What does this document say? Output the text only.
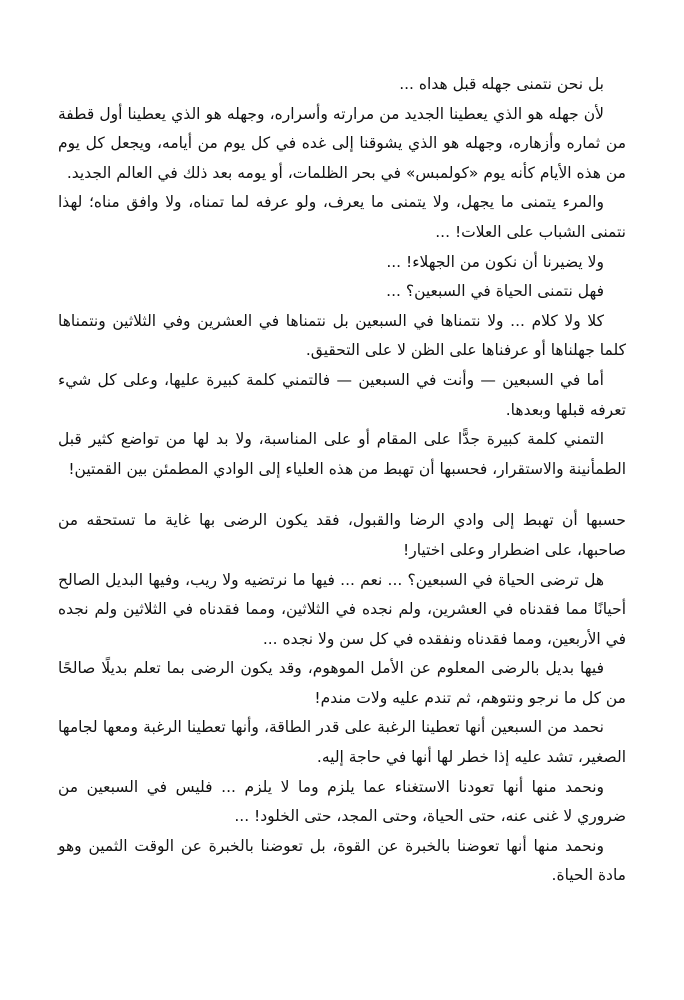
بل نحن نتمنى جهله قبل هداه ...

لأن جهله هو الذي يعطينا الجديد من مرارته وأسراره، وجهله هو الذي يعطينا أول قطفة من ثماره وأزهاره، وجهله هو الذي يشوقنا إلى غده في كل يوم من أيامه، ويجعل كل يوم من هذه الأيام كأنه يوم «كولمبس» في بحر الظلمات، أو يومه بعد ذلك في العالم الجديد.

والمرء يتمنى ما يجهل، ولا يتمنى ما يعرف، ولو عرفه لما تمناه، ولا وافق مناه؛ لهذا نتمنى الشباب على العلات! ...

ولا يضيرنا أن نكون من الجهلاء! ...

فهل نتمنى الحياة في السبعين؟ ...

كلا ولا كلام ... ولا نتمناها في السبعين بل نتمناها في العشرين وفي الثلاثين ونتمناها كلما جهلناها أو عرفناها على الظن لا على التحقيق.

أما في السبعين — وأنت في السبعين — فالتمني كلمة كبيرة عليها، وعلى كل شيء تعرفه قبلها وبعدها.

التمني كلمة كبيرة جدًّا على المقام أو على المناسبة، ولا بد لها من تواضع كثير قبل الطمأنينة والاستقرار، فحسبها أن تهبط من هذه العلياء إلى الوادي المطمئن بين القمتين!

حسبها أن تهبط إلى وادي الرضا والقبول، فقد يكون الرضى بها غاية ما تستحقه من صاحبها، على اضطرار وعلى اختيار!

هل ترضى الحياة في السبعين؟ ... نعم ... فيها ما نرتضيه ولا ريب، وفيها البديل الصالح أحيانًا مما فقدناه في العشرين، ولم نجده في الثلاثين، ومما فقدناه في الثلاثين ولم نجده في الأربعين، ومما فقدناه ونفقده في كل سن ولا نجده ...

فيها بديل بالرضى المعلوم عن الأمل الموهوم، وقد يكون الرضى بما تعلم بديلًا صالحًا من كل ما نرجو ونتوهم، ثم تندم عليه ولات مندم!

نحمد من السبعين أنها تعطينا الرغبة على قدر الطاقة، وأنها تعطينا الرغبة ومعها لجامها الصغير، تشد عليه إذا خطر لها أنها في حاجة إليه.

ونحمد منها أنها تعودنا الاستغناء عما يلزم وما لا يلزم ... فليس في السبعين من ضروري لا غنى عنه، حتى الحياة، وحتى المجد، حتى الخلود! ...

ونحمد منها أنها تعوضنا بالخبرة عن القوة، بل تعوضنا بالخبرة عن الوقت الثمين وهو مادة الحياة.
